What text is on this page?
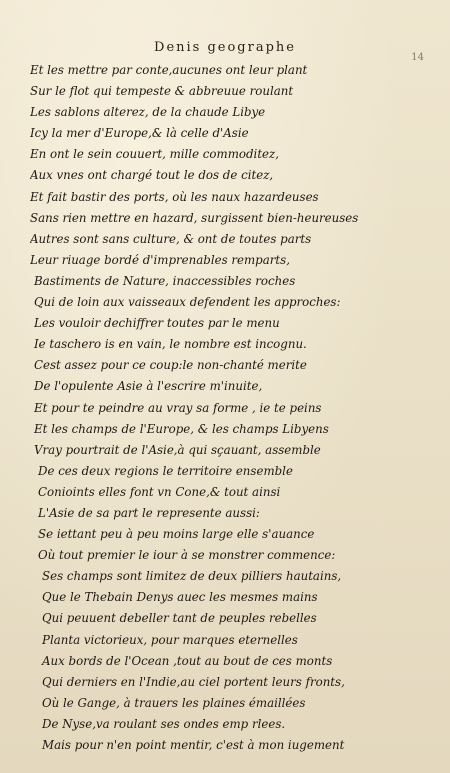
Denis geographe
14
Et les mettre par conte,aucunes ont leur plant
Sur le flot qui tempeste & abbreuue roulant
Les sablons alterez, de la chaude Libye
Icy la mer d'Europe,& là celle d'Asie
En ont le sein couuert, mille commoditez,
Aux vnes ont chargé tout le dos de citez,
Et fait bastir des ports, où les naux hazardeuses
Sans rien mettre en hazard, surgissent bien-heureuses
Autres sont sans culture, & ont de toutes parts
Leur riuage bordé d'imprenables remparts,
Bastiments de Nature, inaccessibles roches
Qui de loin aux vaisseaux defendent les approches:
Les vouloir dechiffrer toutes par le menu
Ie taschero is en vain, le nombre est incognu.
Cest assez pour ce coup:le non-chanté merite
De l'opulente Asie à l'escrire m'inuite,
Et pour te peindre au vray sa forme , ie te peins
Et les champs de l'Europe, & les champs Libyens
Vray pourtrait de l'Asie,à qui sçauant, assemble
De ces deux regions le territoire ensemble
Conioints elles font vn Cone,& tout ainsi
L'Asie de sa part le represente aussi:
Se iettant peu à peu moins large elle s'auance
Où tout premier le iour à se monstrer commence:
Ses champs sont limitez de deux pilliers hautains,
Que le Thebain Denys auec les mesmes mains
Qui peuuent debeller tant de peuples rebelles
Planta victorieux, pour marques eternelles
Aux bords de l'Ocean ,tout au bout de ces monts
Qui derniers en l'Indie,au ciel portent leurs fronts,
Où le Gange, à trauers les plaines émaillées
De Nyse,va roulant ses ondes emp rlees.
Mais pour n'en point mentir, c'est à mon iugement
